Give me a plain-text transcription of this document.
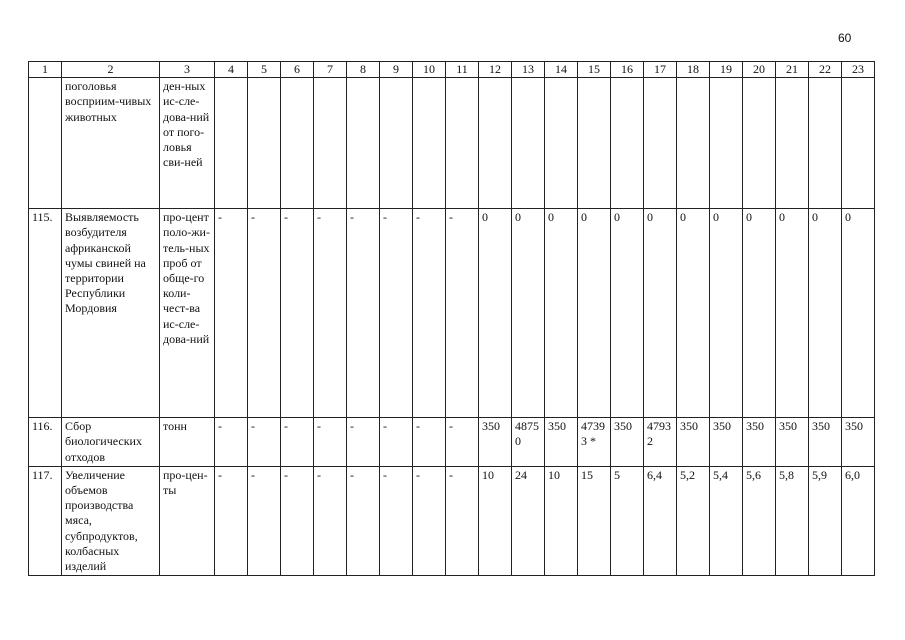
60
1	2	3	4	5	6	7	8	9	10	11	12	13	14	15	16	17	18	19	20	21	22	23
	поголовья восприим-чивых животных	ден-ных ис-сле-дова-ний от пого-ловья сви-ней																				
115.	Выявляемость возбудителя африканской чумы свиней на территории Республики Мордовия	про-цент поло-жи-тель-ных проб от обще-го коли-чест-ва ис-сле-дова-ний	-	-	-	-	-	-	-	-	0	0	0	0	0	0	0	0	0	0	0	0
116.	Сбор биологических отходов	тонн	-	-	-	-	-	-	-	-	350	4875 0	350	4739 3 *	350	4793 2	350	350	350	350	350	350
117.	Увеличение объемов производства мяса, субпродуктов, колбасных изделий	про-цен-ты	-	-	-	-	-	-	-	-	10	24	10	15	5	6,4	5,2	5,4	5,6	5,8	5,9	6,0
